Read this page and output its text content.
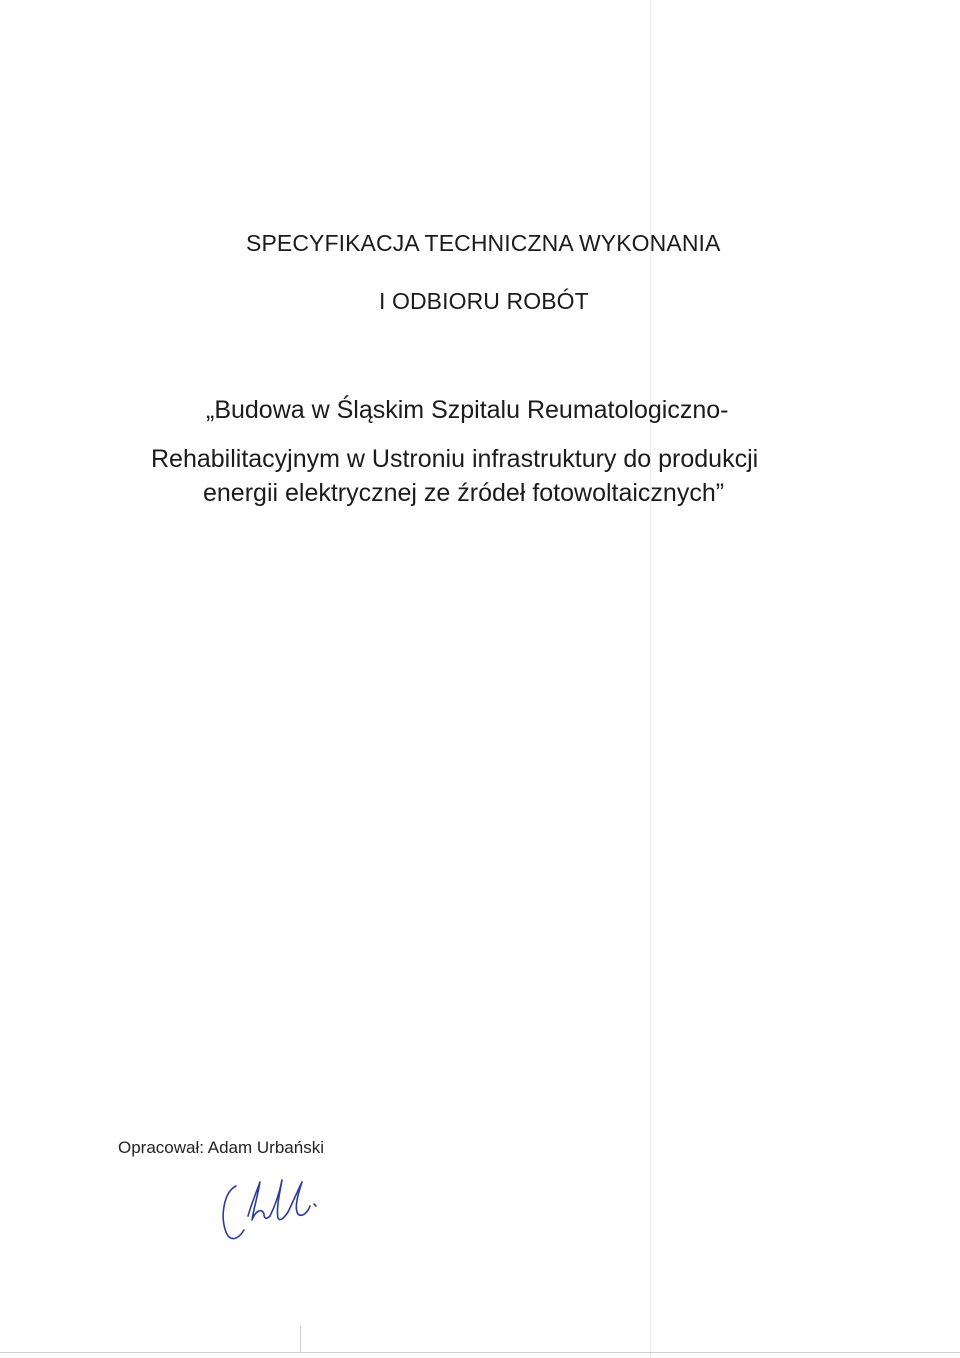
SPECYFIKACJA TECHNICZNA WYKONANIA
I ODBIORU ROBÓT
„Budowa w Śląskim Szpitalu Reumatologiczno-
Rehabilitacyjnym w Ustroniu infrastruktury do produkcji
energii elektrycznej ze źródeł fotowoltaicznych”
Opracował: Adam Urbański
